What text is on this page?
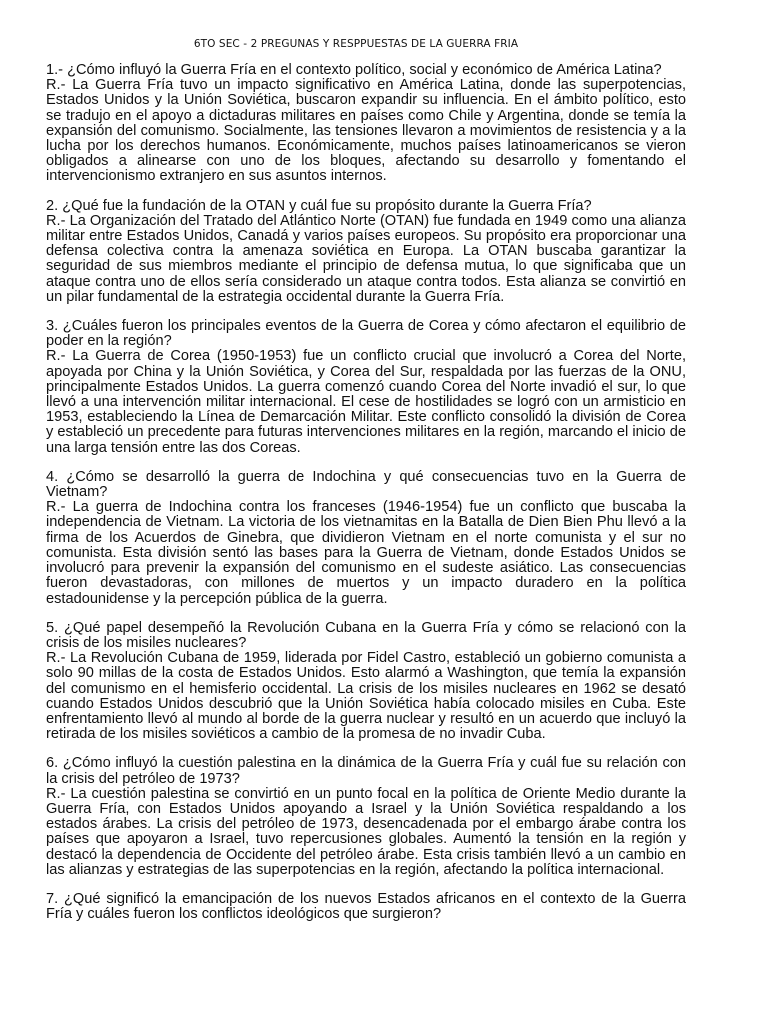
6TO SEC - 2 PREGUNAS Y RESPPUESTAS DE LA GUERRA FRIA

1.- ¿Cómo influyó la Guerra Fría en el contexto político, social y económico de América Latina?

R.- La Guerra Fría tuvo un impacto significativo en América Latina, donde las superpotencias, Estados Unidos y la Unión Soviética, buscaron expandir su influencia. En el ámbito político, esto se tradujo en el apoyo a dictaduras militares en países como Chile y Argentina, donde se temía la expansión del comunismo. Socialmente, las tensiones llevaron a movimientos de resistencia y a la lucha por los derechos humanos. Económicamente, muchos países latinoamericanos se vieron obligados a alinearse con uno de los bloques, afectando su desarrollo y fomentando el intervencionismo extranjero en sus asuntos internos.

2. ¿Qué fue la fundación de la OTAN y cuál fue su propósito durante la Guerra Fría?

R.- La Organización del Tratado del Atlántico Norte (OTAN) fue fundada en 1949 como una alianza militar entre Estados Unidos, Canadá y varios países europeos. Su propósito era proporcionar una defensa colectiva contra la amenaza soviética en Europa. La OTAN buscaba garantizar la seguridad de sus miembros mediante el principio de defensa mutua, lo que significaba que un ataque contra uno de ellos sería considerado un ataque contra todos. Esta alianza se convirtió en un pilar fundamental de la estrategia occidental durante la Guerra Fría.

3. ¿Cuáles fueron los principales eventos de la Guerra de Corea y cómo afectaron el equilibrio de poder en la región?

R.- La Guerra de Corea (1950-1953) fue un conflicto crucial que involucró a Corea del Norte, apoyada por China y la Unión Soviética, y Corea del Sur, respaldada por las fuerzas de la ONU, principalmente Estados Unidos. La guerra comenzó cuando Corea del Norte invadió el sur, lo que llevó a una intervención militar internacional. El cese de hostilidades se logró con un armisticio en 1953, estableciendo la Línea de Demarcación Militar. Este conflicto consolidó la división de Corea y estableció un precedente para futuras intervenciones militares en la región, marcando el inicio de una larga tensión entre las dos Coreas.

4. ¿Cómo se desarrolló la guerra de Indochina y qué consecuencias tuvo en la Guerra de Vietnam?

R.- La guerra de Indochina contra los franceses (1946-1954) fue un conflicto que buscaba la independencia de Vietnam. La victoria de los vietnamitas en la Batalla de Dien Bien Phu llevó a la firma de los Acuerdos de Ginebra, que dividieron Vietnam en el norte comunista y el sur no comunista. Esta división sentó las bases para la Guerra de Vietnam, donde Estados Unidos se involucró para prevenir la expansión del comunismo en el sudeste asiático. Las consecuencias fueron devastadoras, con millones de muertos y un impacto duradero en la política estadounidense y la percepción pública de la guerra.

5. ¿Qué papel desempeñó la Revolución Cubana en la Guerra Fría y cómo se relacionó con la crisis de los misiles nucleares?

R.- La Revolución Cubana de 1959, liderada por Fidel Castro, estableció un gobierno comunista a solo 90 millas de la costa de Estados Unidos. Esto alarmó a Washington, que temía la expansión del comunismo en el hemisferio occidental. La crisis de los misiles nucleares en 1962 se desató cuando Estados Unidos descubrió que la Unión Soviética había colocado misiles en Cuba. Este enfrentamiento llevó al mundo al borde de la guerra nuclear y resultó en un acuerdo que incluyó la retirada de los misiles soviéticos a cambio de la promesa de no invadir Cuba.

6. ¿Cómo influyó la cuestión palestina en la dinámica de la Guerra Fría y cuál fue su relación con la crisis del petróleo de 1973?

R.- La cuestión palestina se convirtió en un punto focal en la política de Oriente Medio durante la Guerra Fría, con Estados Unidos apoyando a Israel y la Unión Soviética respaldando a los estados árabes. La crisis del petróleo de 1973, desencadenada por el embargo árabe contra los países que apoyaron a Israel, tuvo repercusiones globales. Aumentó la tensión en la región y destacó la dependencia de Occidente del petróleo árabe. Esta crisis también llevó a un cambio en las alianzas y estrategias de las superpotencias en la región, afectando la política internacional.

7. ¿Qué significó la emancipación de los nuevos Estados africanos en el contexto de la Guerra Fría y cuáles fueron los conflictos ideológicos que surgieron?
